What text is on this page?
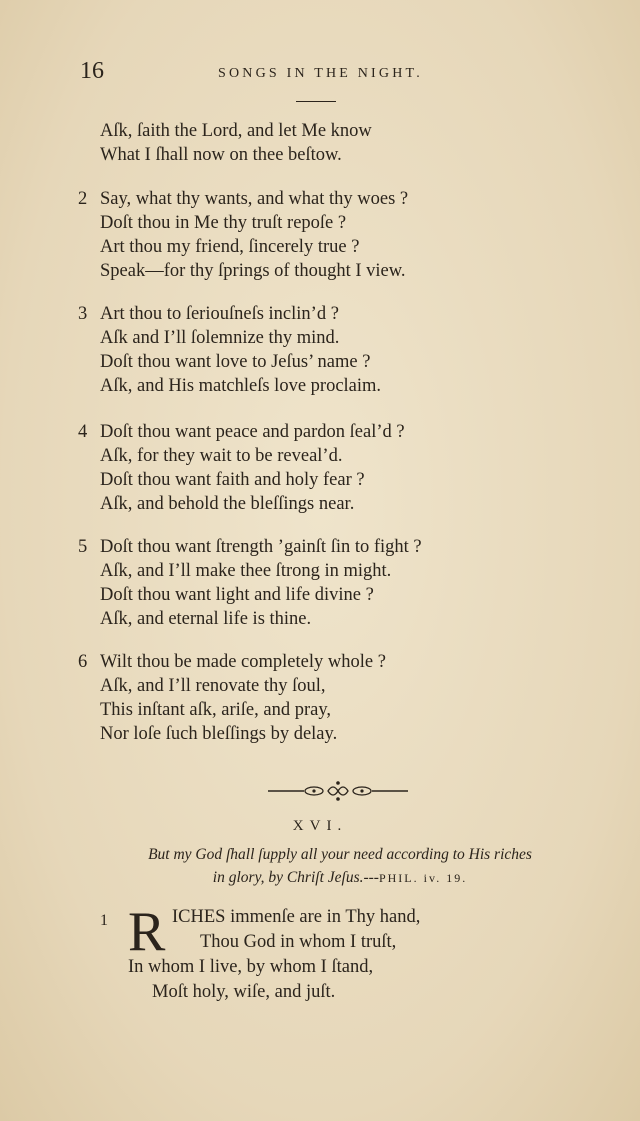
16	SONGS IN THE NIGHT.
Aſk, ſaith the Lord, and let Me know
What I ſhall now on thee beſtow.
2 Say, what thy wants, and what thy woes ?
Doſt thou in Me thy truſt repoſe ?
Art thou my friend, ſincerely true ?
Speak—for thy ſprings of thought I view.
3 Art thou to ſeriouſneſs inclin’d ?
Aſk and I’ll ſolemnize thy mind.
Doſt thou want love to Jeſus’ name ?
Aſk, and His matchleſs love proclaim.
4 Doſt thou want peace and pardon ſeal’d ?
Aſk, for they wait to be reveal’d.
Doſt thou want faith and holy fear ?
Aſk, and behold the bleſſings near.
5 Doſt thou want ſtrength ’gainſt ſin to fight ?
Aſk, and I’ll make thee ſtrong in might.
Doſt thou want light and life divine ?
Aſk, and eternal life is thine.
6 Wilt thou be made completely whole ?
Aſk, and I’ll renovate thy ſoul,
This inſtant aſk, ariſe, and pray,
Nor loſe ſuch bleſſings by delay.
XVI.
But my God ſhall ſupply all your need according to His riches
in glory, by Chriſt Jeſus.---PHIL. iv. 19.
1 R ICHES immenſe are in Thy hand,
Thou God in whom I truſt,
In whom I live, by whom I ſtand,
Moſt holy, wiſe, and juſt.
